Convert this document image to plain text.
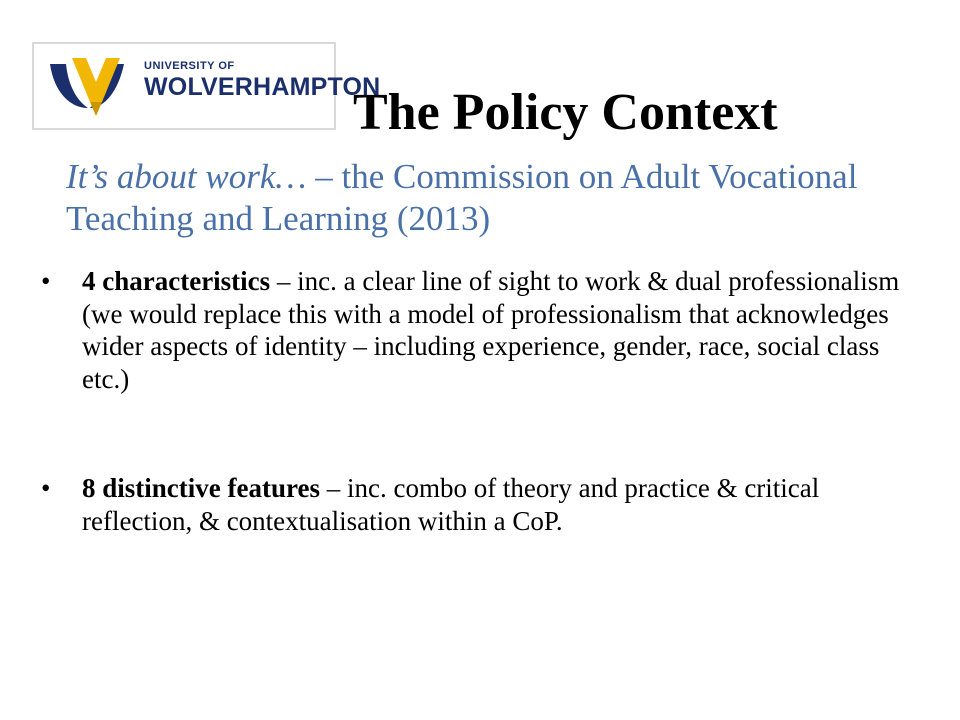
UNIVERSITY OF
WOLVERHAMPTON
The Policy Context

It’s about work… – the Commission on Adult Vocational Teaching and Learning (2013)

• 4 characteristics – inc. a clear line of sight to work & dual professionalism (we would replace this with a model of professionalism that acknowledges wider aspects of identity – including experience, gender, race, social class etc.)
• 8 distinctive features – inc. combo of theory and practice & critical reflection, & contextualisation within a CoP.
